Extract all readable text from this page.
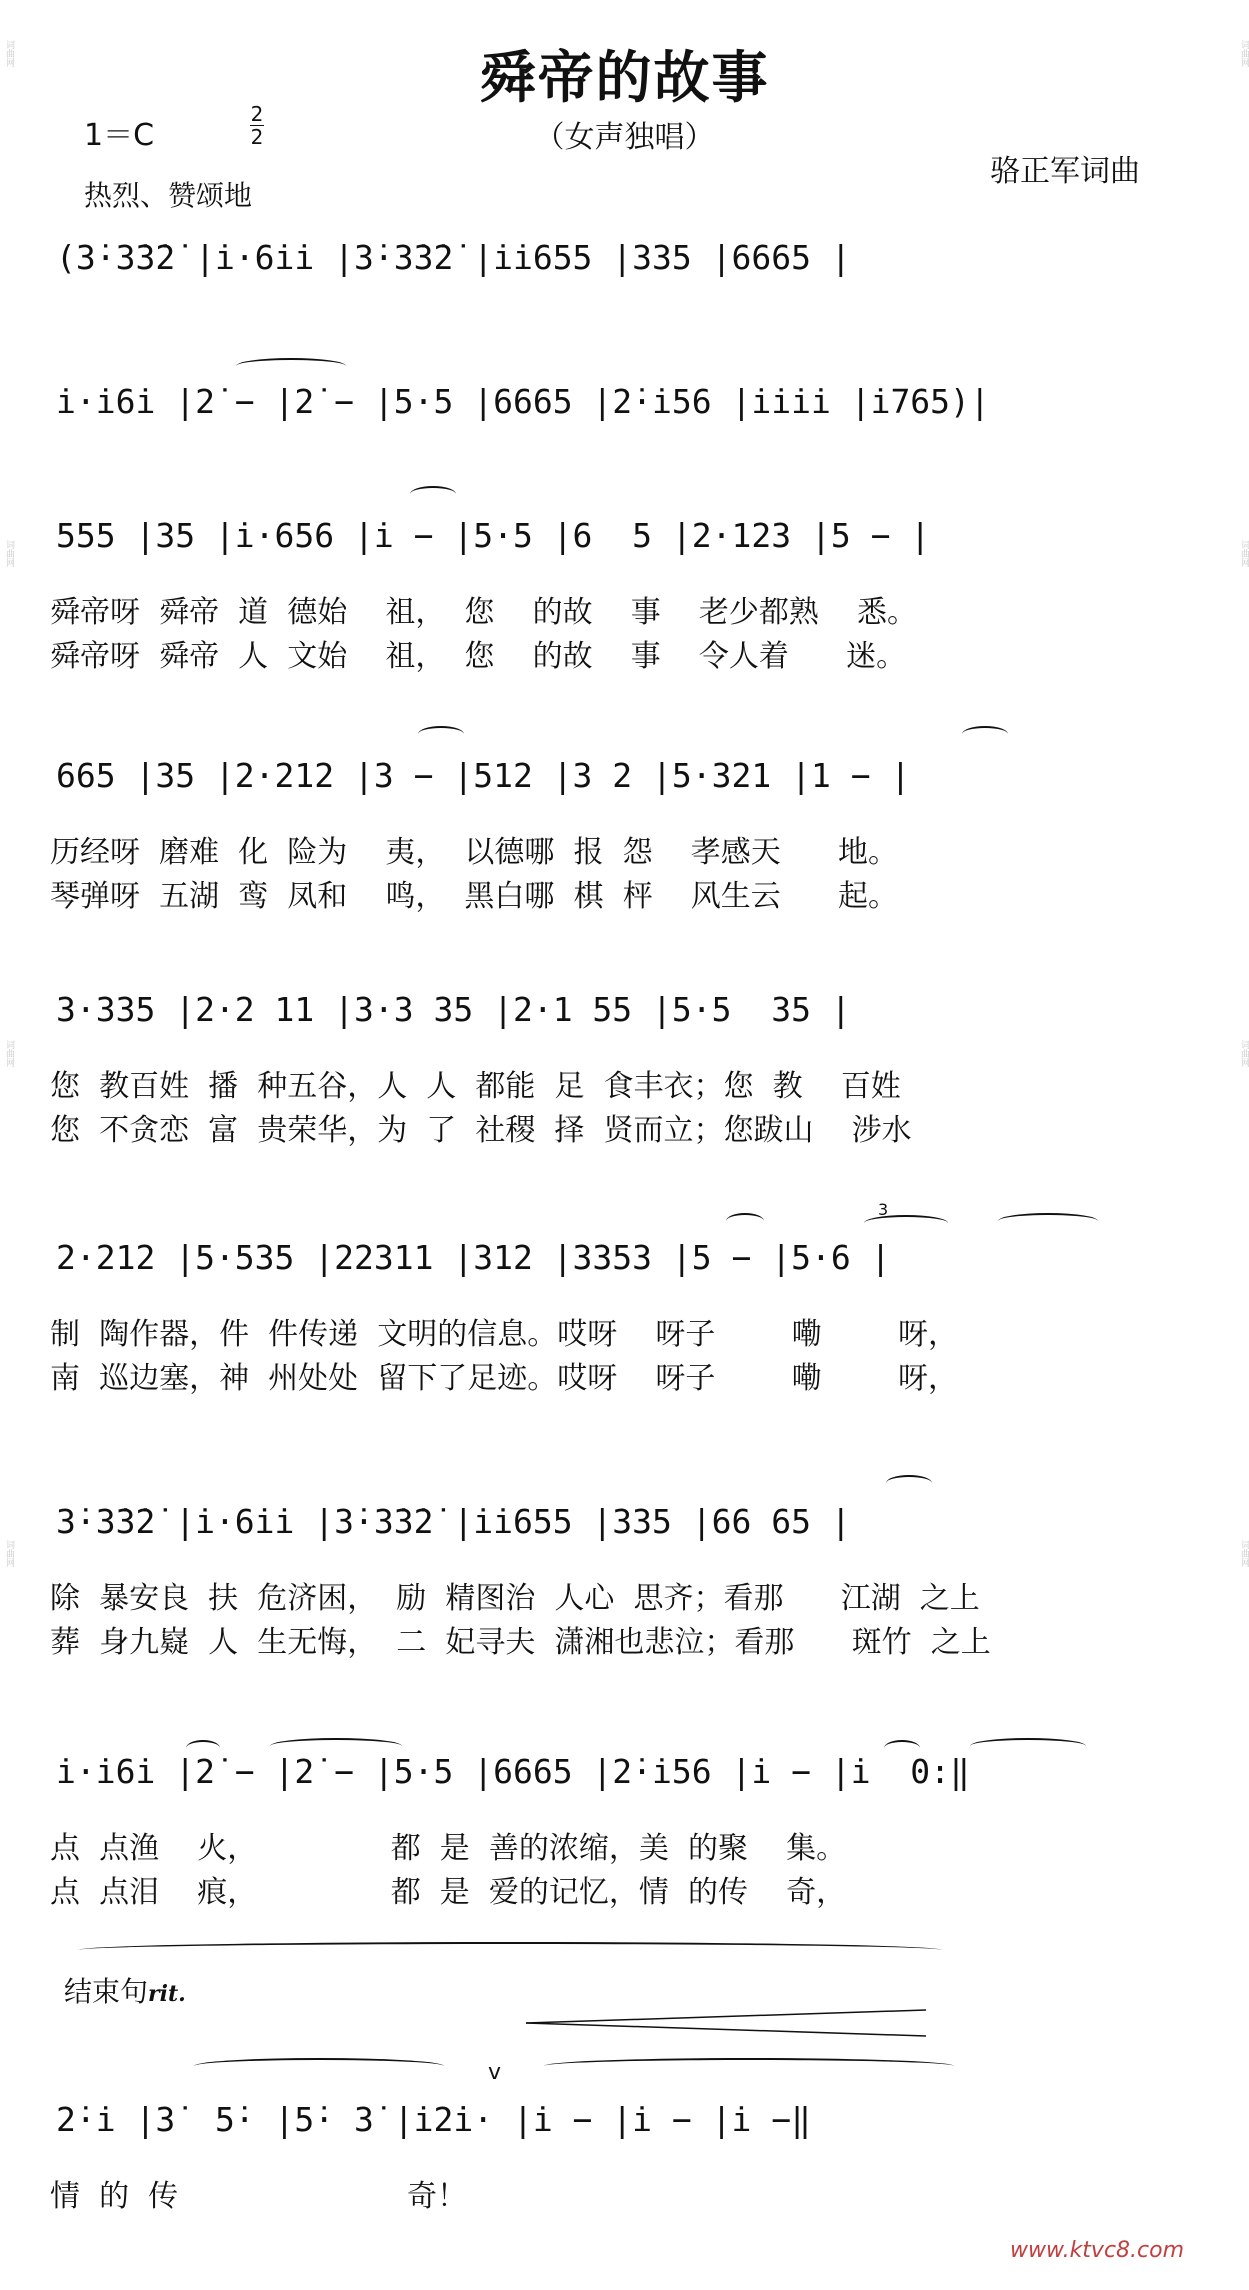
词曲网
词曲网
词曲网
词曲网
词曲网
词曲网
词曲网
词曲网
舜帝的故事
（女声独唱）
1＝C
2
2
热烈、赞颂地
骆正军词曲
(3̇·3̇3̇2̇ |i̇·6i̇i̇ |3̇·3̇3̇2̇ |i̇i̇655 |335 |6665 |
i̇·i̇6i̇ |2̇ − |2̇ − |5·5 |6665 |2̇·i̇56 |i̇i̇i̇i̇ |i̇765)|
555 |35 |i̇·656 |i̇ − |5·5 |6  5 |2·123 |5 − |
舜帝呀  舜帝  道  德始    祖，  您    的故    事    老少都熟    悉。
舜帝呀  舜帝  人  文始    祖，  您    的故    事    令人着      迷。
665 |35 |2·212 |3 − |512 |3 2 |5·321 |1 − |
历经呀  磨难  化  险为    夷，  以德哪  报  怨    孝感天      地。
琴弹呀  五湖  鸾  凤和    鸣，  黑白哪  棋  枰    风生云      起。
3·335 |2·2 11 |3·3 35 |2·1 55 |5·5  35 |
您  教百姓  播  种五谷，人  人  都能  足  食丰衣；您  教    百姓
您  不贪恋  富  贵荣华，为  了  社稷  择  贤而立；您跋山    涉水
2·212 |5·535 |22311 |312 |3353 |5 − |5·6 |
制  陶作器，件  件传递  文明的信息。哎呀    呀子        嘞        呀，
南  巡边塞，神  州处处  留下了足迹。哎呀    呀子        嘞        呀，
3̇·3̇3̇2̇ |i̇·6i̇i̇ |3̇·3̇3̇2̇ |i̇i̇655 |335 |66 65 |
除  暴安良  扶  危济困，  励  精图治  人心  思齐；看那      江湖  之上
葬  身九嶷  人  生无悔，  二  妃寻夫  潇湘也悲泣；看那      斑竹  之上
i̇·i̇6i̇ |2̇ − |2̇ − |5·5 |6665 |2̇·i̇56 |i̇ − |i̇  0:‖
点  点渔    火，              都  是  善的浓缩，美  的聚    集。
点  点泪    痕，              都  是  爱的记忆，情  的传    奇，
2̇·i̇ |3̇  5̇· |5̇· 3̇ |i̇2̇i̇· |i̇ − |i̇ − |i̇ −‖
情  的  传                        奇！
结束句rit.
v
3
www.ktvc8.com
